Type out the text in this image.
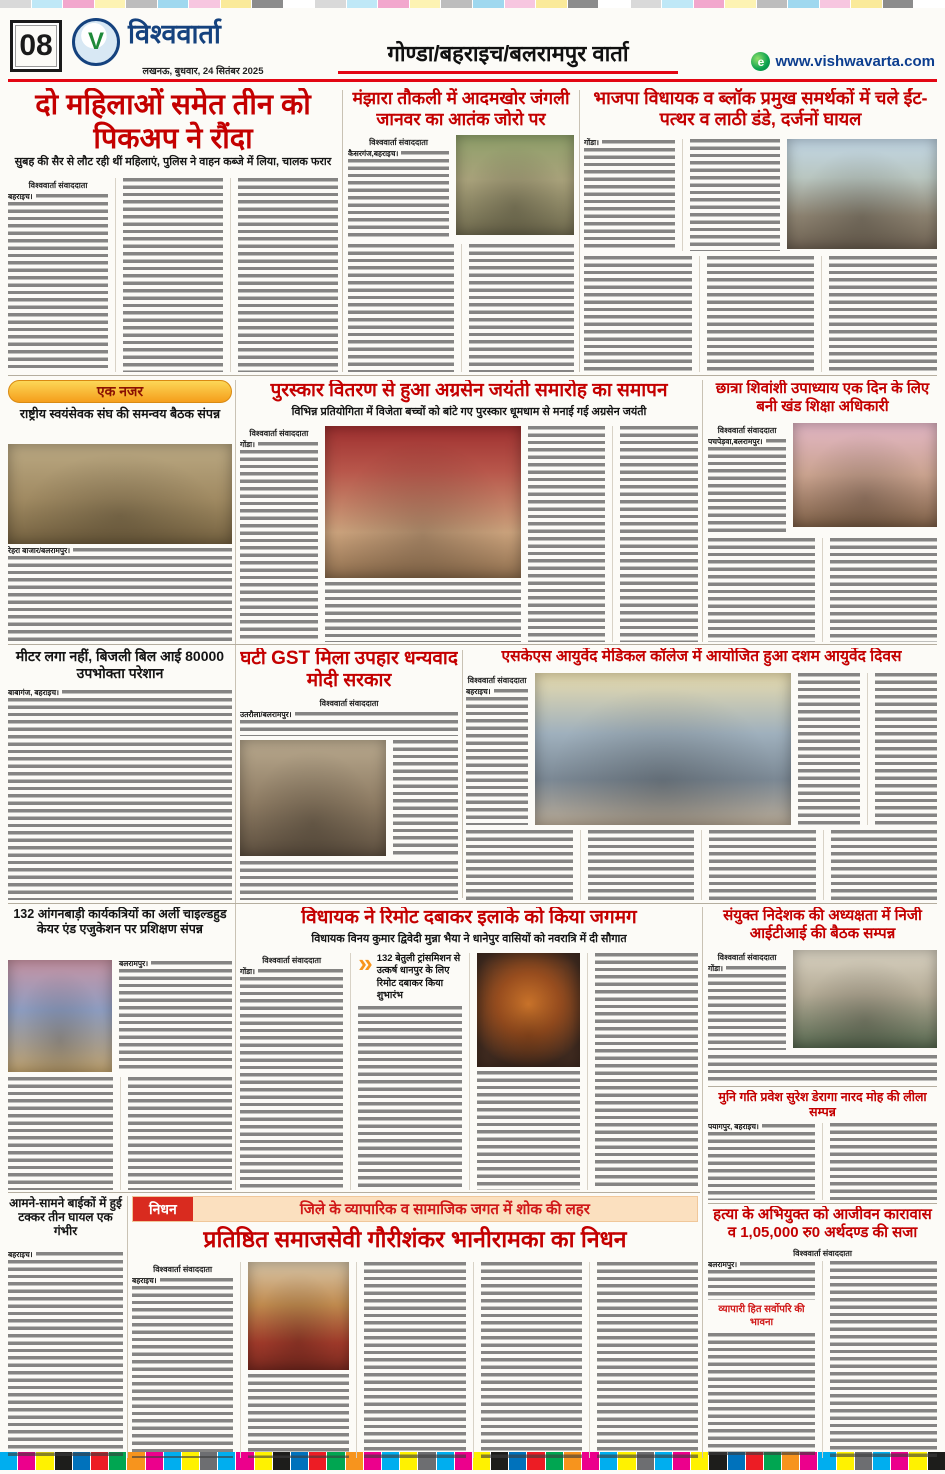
08	V विश्ववार्ता
लखनऊ, बुधवार, 24 सितंबर 2025
गोण्डा/बहराइच/बलरामपुर वार्ता	e www.vishwavarta.com
दो महिलाओं समेत तीन को पिकअप ने रौंदा
सुबह की सैर से लौट रही थीं महिलाएं, पुलिस ने वाहन कब्जे में लिया, चालक फरार
विश्ववार्ता संवाददाता
बहराइच।
मंझारा तौकली में आदमखोर जंगली जानवर का आतंक जोरो पर
विश्ववार्ता संवाददाता
कैसरगंज,बहराइच।
भाजपा विधायक व ब्लॉक प्रमुख समर्थकों में चले ईंट-पत्थर व लाठी डंडे, दर्जनों घायल
गोंडा।
एक नजर
राष्ट्रीय स्वयंसेवक संघ की समन्वय बैठक संपन्न
रेहरा बाजार/बलरामपुर।
पुरस्कार वितरण से हुआ अग्रसेन जयंती समारोह का समापन
विभिन्न प्रतियोगिता में विजेता बच्चों को बांटे गए पुरस्कार धूमधाम से मनाई गई अग्रसेन जयंती
विश्ववार्ता संवाददाता
गोंडा।
छात्रा शिवांशी उपाध्याय एक दिन के लिए बनी खंड शिक्षा अधिकारी
विश्ववार्ता संवाददाता
पचपेड़वा,बलरामपुर।
मीटर लगा नहीं, बिजली बिल आई 80000 उपभोक्ता परेशान
बाबागंज, बहराइच।
घटी GST मिला उपहार धन्यवाद मोदी सरकार
विश्ववार्ता संवाददाता
उतरौला/बलरामपुर।
एसकेएस आयुर्वेद मेडिकल कॉलेज में आयोजित हुआ दशम आयुर्वेद दिवस
विश्ववार्ता संवाददाता
बहराइच।
132 आंगनबाड़ी कार्यकत्रियों का अर्ली चाइल्डहुड केयर एंड एजुकेशन पर प्रशिक्षण संपन्न
बलरामपुर।
विधायक ने रिमोट दबाकर इलाके को किया जगमग
विधायक विनय कुमार द्विवेदी मुन्ना भैया ने धानेपुर वासियों को नवरात्रि में दी सौगात
विश्ववार्ता संवाददाता
गोंडा।	» 132 बेतुली ट्रांसमिशन से उत्कर्ष धानपुर के लिए रिमोट दबाकर किया शुभारंभ
संयुक्त निदेशक की अध्यक्षता में निजी आईटीआई की बैठक सम्पन्न
विश्ववार्ता संवाददाता
गोंडा।
मुनि गति प्रवेश सुरेश डेरागा नारद मोह की लीला सम्पन्न
पयागपुर, बहराइच।
आमने-सामने बाईकों में हुई टक्कर तीन घायल एक गंभीर
बहराइच।
निधन	जिले के व्यापारिक व सामाजिक जगत में शोक की लहर
प्रतिष्ठित समाजसेवी गौरीशंकर भानीरामका का निधन
विश्ववार्ता संवाददाता
बहराइच।
हत्या के अभियुक्त को आजीवन कारावास व 1,05,000 रु0 अर्थदण्ड की सजा
विश्ववार्ता संवाददाता
बलरामपुर।
व्यापारी हित सर्वोपरि की भावना
